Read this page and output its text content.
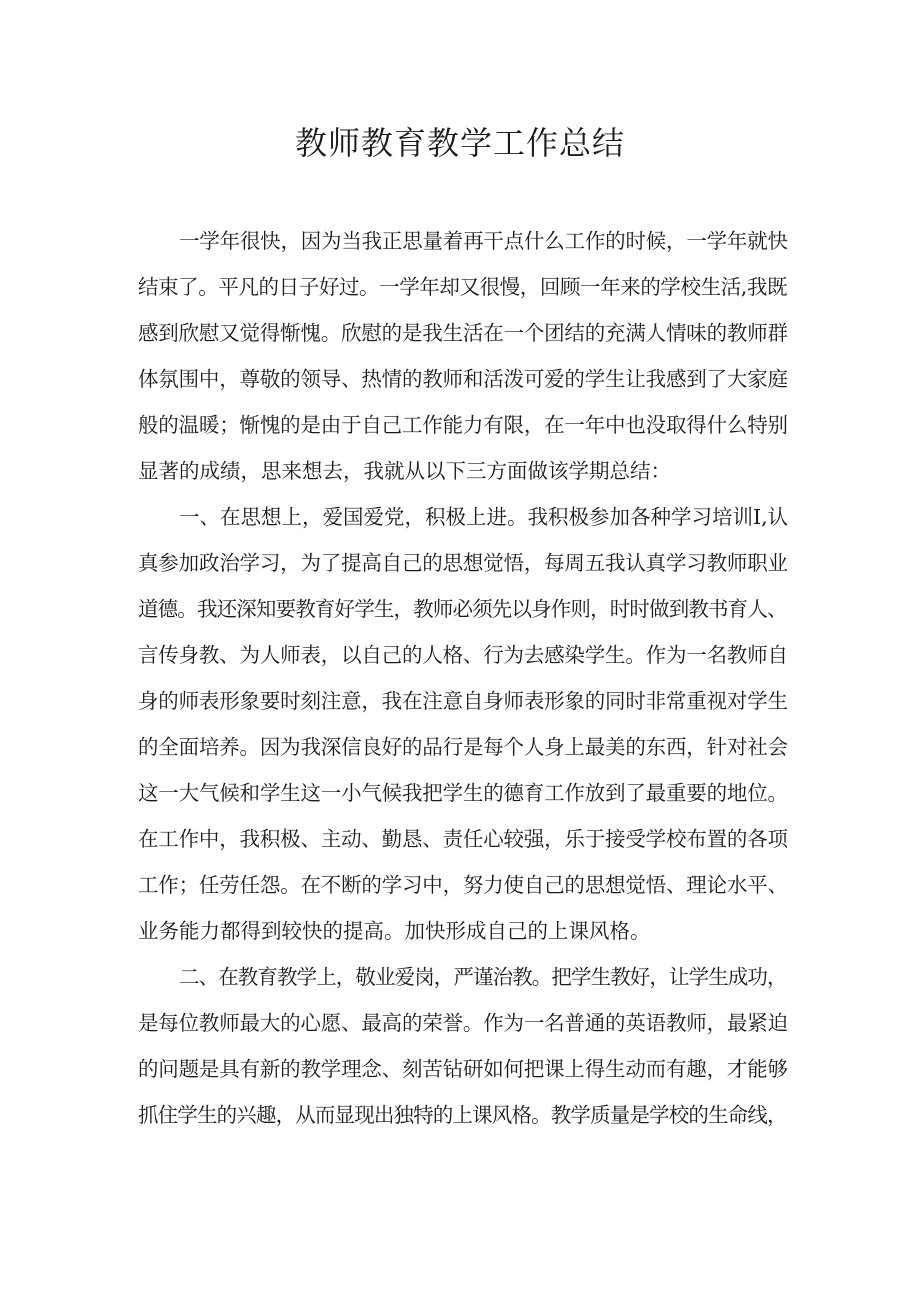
教师教育教学工作总结
一学年很快，因为当我正思量着再干点什么工作的时候，一学年就快
结束了。平凡的日子好过。一学年却又很慢，回顾一年来的学校生活,我既
感到欣慰又觉得惭愧。欣慰的是我生活在一个团结的充满人情味的教师群
体氛围中，尊敬的领导、热情的教师和活泼可爱的学生让我感到了大家庭
般的温暖；惭愧的是由于自己工作能力有限，在一年中也没取得什么特别
显著的成绩，思来想去，我就从以下三方面做该学期总结：
一、在思想上，爱国爱党，积极上进。我积极参加各种学习培训I,认
真参加政治学习，为了提高自己的思想觉悟，每周五我认真学习教师职业
道德。我还深知要教育好学生，教师必须先以身作则，时时做到教书育人、
言传身教、为人师表，以自己的人格、行为去感染学生。作为一名教师自
身的师表形象要时刻注意，我在注意自身师表形象的同时非常重视对学生
的全面培养。因为我深信良好的品行是每个人身上最美的东西，针对社会
这一大气候和学生这一小气候我把学生的德育工作放到了最重要的地位。
在工作中，我积极、主动、勤恳、责任心较强，乐于接受学校布置的各项
工作；任劳任怨。在不断的学习中，努力使自己的思想觉悟、理论水平、
业务能力都得到较快的提高。加快形成自己的上课风格。
二、在教育教学上，敬业爱岗，严谨治教。把学生教好，让学生成功，
是每位教师最大的心愿、最高的荣誉。作为一名普通的英语教师，最紧迫
的问题是具有新的教学理念、刻苦钻研如何把课上得生动而有趣，才能够
抓住学生的兴趣，从而显现出独特的上课风格。教学质量是学校的生命线，
